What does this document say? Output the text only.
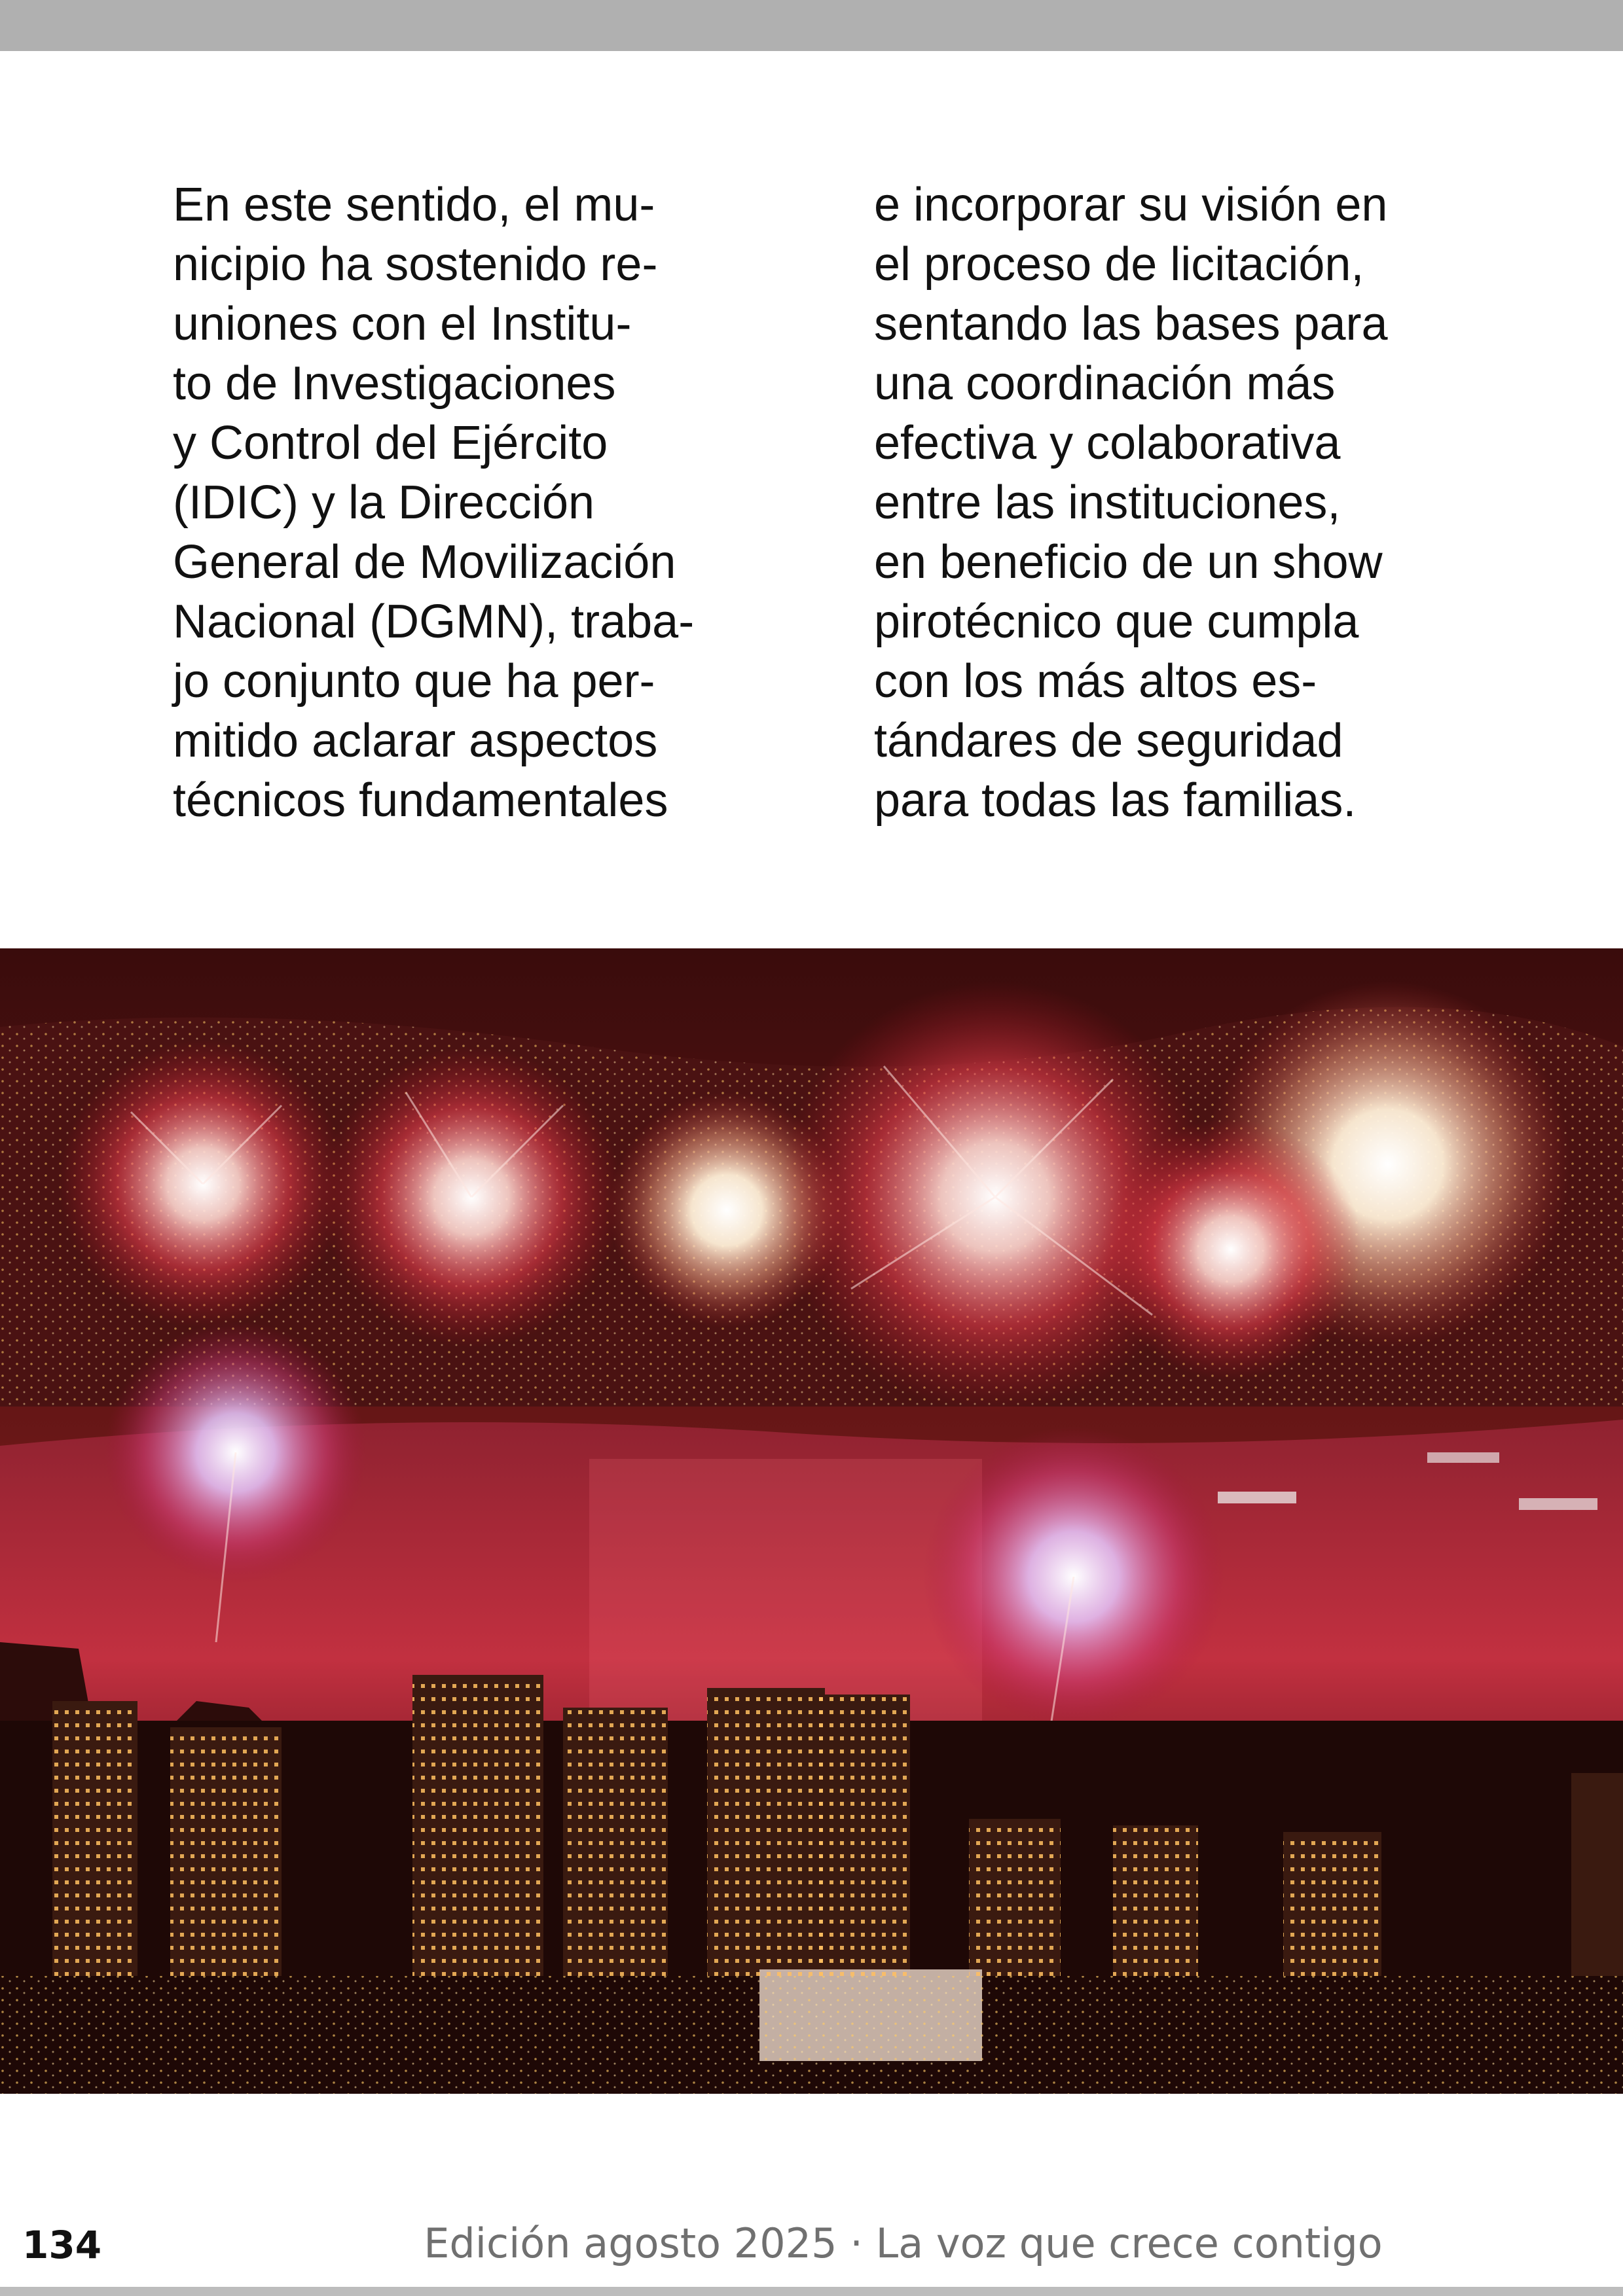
En este sentido, el mu-
nicipio ha sostenido re-
uniones con el Institu-
to de Investigaciones
y Control del Ejército
(IDIC) y la Dirección
General de Movilización
Nacional (DGMN), traba-
jo conjunto que ha per-
mitido aclarar aspectos
técnicos fundamentales
e incorporar su visión en
el proceso de licitación,
sentando las bases para
una coordinación más
efectiva y colaborativa
entre las instituciones,
en beneficio de un show
pirotécnico que cumpla
con los más altos es-
tándares de seguridad
para todas las familias.
134	Edición agosto 2025 · La voz que crece contigo
